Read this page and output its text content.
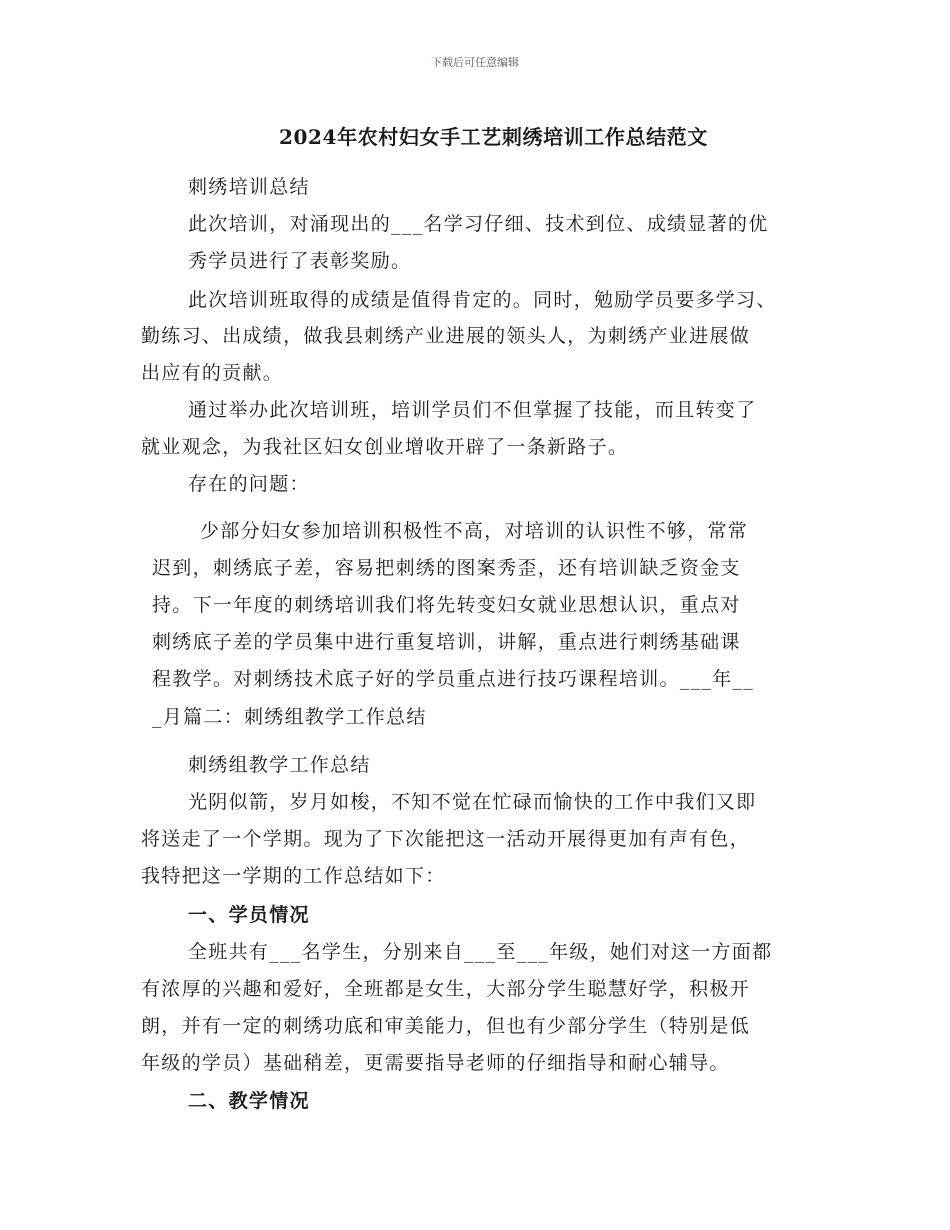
下载后可任意编辑
2024年农村妇女手工艺刺绣培训工作总结范文
刺绣培训总结
此次培训，对涌现出的___名学习仔细、技术到位、成绩显著的优
秀学员进行了表彰奖励。
此次培训班取得的成绩是值得肯定的。同时，勉励学员要多学习、
勤练习、出成绩，做我县刺绣产业进展的领头人，为刺绣产业进展做
出应有的贡献。
通过举办此次培训班，培训学员们不但掌握了技能，而且转变了
就业观念，为我社区妇女创业增收开辟了一条新路子。
存在的问题：
少部分妇女参加培训积极性不高，对培训的认识性不够，常常
迟到，刺绣底子差，容易把刺绣的图案秀歪，还有培训缺乏资金支
持。下一年度的刺绣培训我们将先转变妇女就业思想认识，重点对
刺绣底子差的学员集中进行重复培训，讲解，重点进行刺绣基础课
程教学。对刺绣技术底子好的学员重点进行技巧课程培训。___年__
_月篇二：刺绣组教学工作总结
刺绣组教学工作总结
光阴似箭，岁月如梭，不知不觉在忙碌而愉快的工作中我们又即
将送走了一个学期。现为了下次能把这一活动开展得更加有声有色，
我特把这一学期的工作总结如下：
一、学员情况
全班共有___名学生，分别来自___至___年级，她们对这一方面都
有浓厚的兴趣和爱好，全班都是女生，大部分学生聪慧好学，积极开
朗，并有一定的刺绣功底和审美能力，但也有少部分学生（特别是低
年级的学员）基础稍差，更需要指导老师的仔细指导和耐心辅导。
二、教学情况
